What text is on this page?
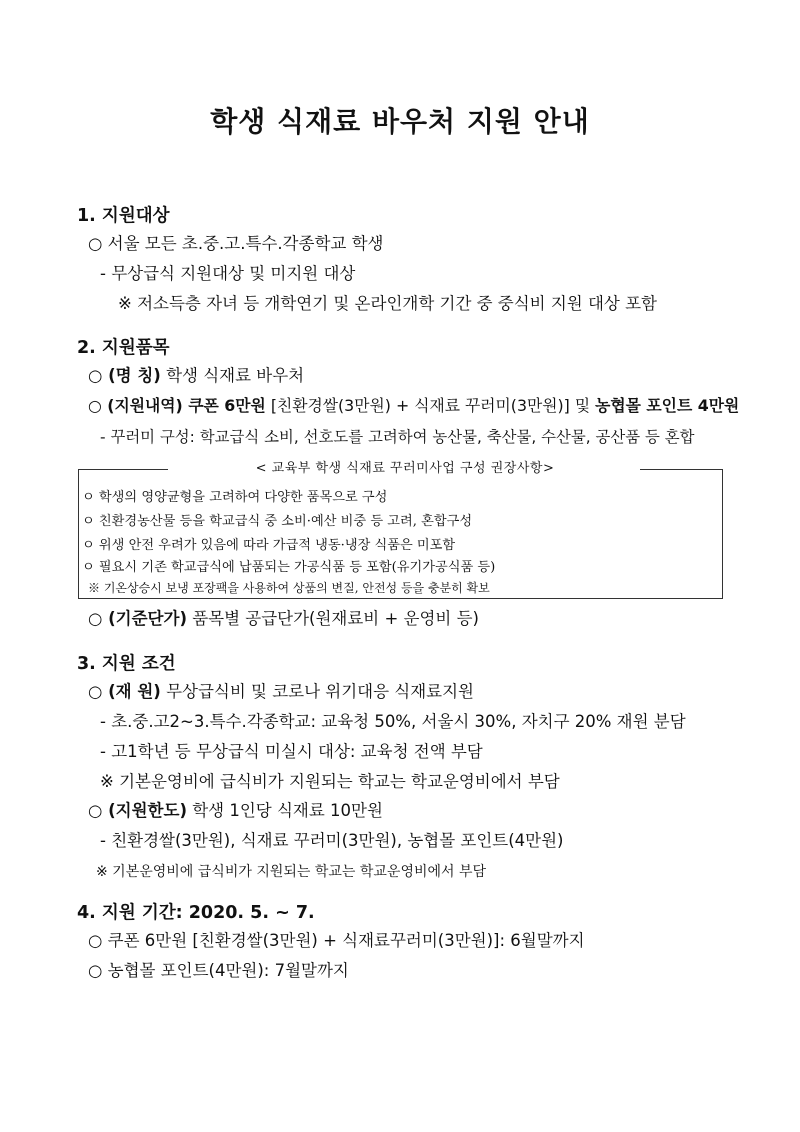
학생 식재료 바우처 지원 안내
1. 지원대상
○ 서울 모든 초.중.고.특수.각종학교 학생
- 무상급식 지원대상 및 미지원 대상
※ 저소득층 자녀 등 개학연기 및 온라인개학 기간 중 중식비 지원 대상 포함
2. 지원품목
○ (명 칭) 학생 식재료 바우처
○ (지원내역) 쿠폰 6만원 [친환경쌀(3만원) + 식재료 꾸러미(3만원)] 및 농협몰 포인트 4만원
- 꾸러미 구성: 학교급식 소비, 선호도를 고려하여 농산물, 축산물, 수산물, 공산품 등 혼합
< 교육부 학생 식재료 꾸러미사업 구성 권장사항>
ㅇ 학생의 영양균형을 고려하여 다양한 품목으로 구성
ㅇ 친환경농산물 등을 학교급식 중 소비·예산 비중 등 고려, 혼합구성
ㅇ 위생 안전 우려가 있음에 따라 가급적 냉동·냉장 식품은 미포함
ㅇ 필요시 기존 학교급식에 납품되는 가공식품 등 포함(유기가공식품 등)
※ 기온상승시 보냉 포장팩을 사용하여 상품의 변질, 안전성 등을 충분히 확보
○ (기준단가) 품목별 공급단가(원재료비 + 운영비 등)
3. 지원 조건
○ (재 원) 무상급식비 및 코로나 위기대응 식재료지원
- 초.중.고2~3.특수.각종학교: 교육청 50%, 서울시 30%, 자치구 20% 재원 분담
- 고1학년 등 무상급식 미실시 대상: 교육청 전액 부담
※ 기본운영비에 급식비가 지원되는 학교는 학교운영비에서 부담
○ (지원한도) 학생 1인당 식재료 10만원
- 친환경쌀(3만원), 식재료 꾸러미(3만원), 농협몰 포인트(4만원)
※ 기본운영비에 급식비가 지원되는 학교는 학교운영비에서 부담
4. 지원 기간: 2020. 5. ~ 7.
○ 쿠폰 6만원 [친환경쌀(3만원) + 식재료꾸러미(3만원)]: 6월말까지
○ 농협몰 포인트(4만원): 7월말까지
